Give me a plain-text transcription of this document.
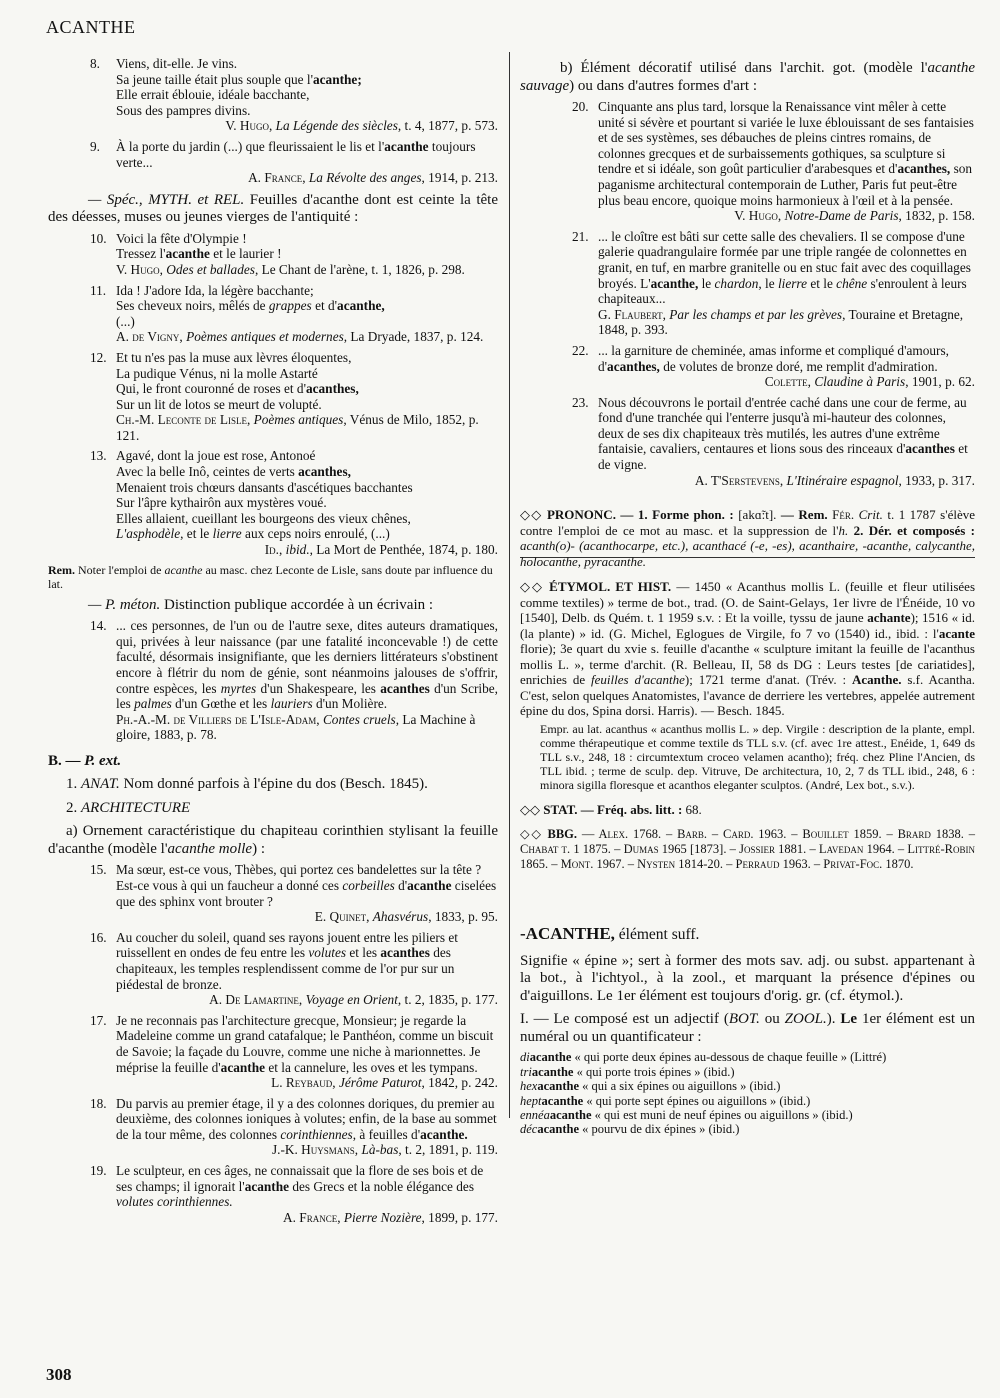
ACANTHE
8. Viens, dit-elle. Je vins.
Sa jeune taille était plus souple que l'acanthe;
Elle errait éblouie, idéale bacchante,
Sous des pampres divins.
V. Hugo, La Légende des siècles, t. 4, 1877, p. 573.
9. À la porte du jardin (...) que fleurissaient le lis et l'acanthe toujours verte...
A. France, La Révolte des anges, 1914, p. 213.
— Spéc., MYTH. et REL. Feuilles d'acanthe dont est ceinte la tête des déesses, muses ou jeunes vierges de l'antiquité :
10. Voici la fête d'Olympie !
Tressez l'acanthe et le laurier !
V. Hugo, Odes et ballades, Le Chant de l'arène, t. 1, 1826, p. 298.
11. Ida ! J'adore Ida, la légère bacchante;
Ses cheveux noirs, mêlés de grappes et d'acanthe,
(...)
A. de Vigny, Poèmes antiques et modernes, La Dryade, 1837, p. 124.
12. Et tu n'es pas la muse aux lèvres éloquentes,
La pudique Vénus, ni la molle Astarté
Qui, le front couronné de roses et d'acanthes,
Sur un lit de lotos se meurt de volupté.
Ch.-M. Leconte de Lisle, Poèmes antiques, Vénus de Milo, 1852, p. 121.
13. Agavé, dont la joue est rose, Antonoé
Avec la belle Inô, ceintes de verts acanthes,
Menaient trois chœurs dansants d'ascétiques bacchantes
Sur l'âpre kythairôn aux mystères voué.
Elles allaient, cueillant les bourgeons des vieux chênes,
L'asphodèle, et le lierre aux ceps noirs enroulé, (...)
Id., ibid., La Mort de Penthée, 1874, p. 180.
Rem. Noter l'emploi de acanthe au masc. chez Leconte de Lisle, sans doute par influence du lat.
— P. méton. Distinction publique accordée à un écrivain :
14. ... ces personnes, de l'un ou de l'autre sexe, dites auteurs dramatiques, qui, privées à leur naissance (par une fatalité inconcevable !) de cette faculté, désormais insignifiante, que les derniers littérateurs s'obstinent encore à flétrir du nom de génie, sont néanmoins jalouses de s'offrir, contre espèces, les myrtes d'un Shakespeare, les acanthes d'un Scribe, les palmes d'un Gœthe et les lauriers d'un Molière.
Ph.-A.-M. de Villiers de L'Isle-Adam, Contes cruels, La Machine à gloire, 1883, p. 78.
B. — P. ext.
1. ANAT. Nom donné parfois à l'épine du dos (Besch. 1845).
2. ARCHITECTURE
a) Ornement caractéristique du chapiteau corinthien stylisant la feuille d'acanthe (modèle l'acanthe molle) :
15. Ma sœur, est-ce vous, Thèbes, qui portez ces bandelettes sur la tête ? Est-ce vous à qui un faucheur a donné ces corbeilles d'acanthe ciselées que des sphinx vont brouter ?
E. Quinet, Ahasvérus, 1833, p. 95.
16. Au coucher du soleil, quand ses rayons jouent entre les piliers et ruissellent en ondes de feu entre les volutes et les acanthes des chapiteaux, les temples resplendissent comme de l'or pur sur un piédestal de bronze.
A. De Lamartine, Voyage en Orient, t. 2, 1835, p. 177.
17. Je ne reconnais pas l'architecture grecque, Monsieur; je regarde la Madeleine comme un grand catafalque; le Panthéon, comme un biscuit de Savoie; la façade du Louvre, comme une niche à marionnettes. Je méprise la feuille d'acanthe et la cannelure, les oves et les tympans.
L. Reybaud, Jérôme Paturot, 1842, p. 242.
18. Du parvis au premier étage, il y a des colonnes doriques, du premier au deuxième, des colonnes ioniques à volutes; enfin, de la base au sommet de la tour même, des colonnes corinthiennes, à feuilles d'acanthe.
J.-K. Huysmans, Là-bas, t. 2, 1891, p. 119.
19. Le sculpteur, en ces âges, ne connaissait que la flore de ses bois et de ses champs; il ignorait l'acanthe des Grecs et la noble élégance des volutes corinthiennes.
A. France, Pierre Nozière, 1899, p. 177.
b) Élément décoratif utilisé dans l'archit. got. (modèle l'acanthe sauvage) ou dans d'autres formes d'art :
20. Cinquante ans plus tard, lorsque la Renaissance vint mêler à cette unité si sévère et pourtant si variée le luxe éblouissant de ses fantaisies et de ses systèmes, ses débauches de pleins cintres romains, de colonnes grecques et de surbaissements gothiques, sa sculpture si tendre et si idéale, son goût particulier d'arabesques et d'acanthes, son paganisme architectural contemporain de Luther, Paris fut peut-être plus beau encore, quoique moins harmonieux à l'œil et à la pensée.
V. Hugo, Notre-Dame de Paris, 1832, p. 158.
21. ... le cloître est bâti sur cette salle des chevaliers. Il se compose d'une galerie quadrangulaire formée par une triple rangée de colonnettes en granit, en tuf, en marbre granitelle ou en stuc fait avec des coquillages broyés. L'acanthe, le chardon, le lierre et le chêne s'enroulent à leurs chapiteaux...
G. Flaubert, Par les champs et par les grèves, Touraine et Bretagne, 1848, p. 393.
22. ... la garniture de cheminée, amas informe et compliqué d'amours, d'acanthes, de volutes de bronze doré, me remplit d'admiration.
Colette, Claudine à Paris, 1901, p. 62.
23. Nous découvrons le portail d'entrée caché dans une cour de ferme, au fond d'une tranchée qui l'enterre jusqu'à mi-hauteur des colonnes, deux de ses dix chapiteaux très mutilés, les autres d'une extrême fantaisie, cavaliers, centaures et lions sous des rinceaux d'acanthes et de vigne.
A. T'Serstevens, L'Itinéraire espagnol, 1933, p. 317.
◇◇ PRONONC. — 1. Forme phon. : [akɑ̃:t]. — Rem. Fér. Crit. t. 1 1787 s'élève contre l'emploi de ce mot au masc. et la suppression de l'h. 2. Dér. et composés : acanth(o)- (acanthocarpe, etc.), acanthacé (-e, -es), acanthaire, -acanthe, calycanthe, holocanthe, pyracanthe.
◇◇ ÉTYMOL. ET HIST. — 1450 « Acanthus mollis L. (feuille et fleur utilisées comme textiles) » terme de bot., trad. (O. de Saint-Gelays, 1er livre de l'Énéide, 10 vo [1540], Delb. ds Quém. t. 1 1959 s.v. : Et la voille, tyssu de jaune achante); 1516 « id. (la plante) » id. (G. Michel, Eglogues de Virgile, fo 7 vo (1540) id., ibid. : l'acante florie); 3e quart du xvie s. feuille d'acanthe « sculpture imitant la feuille de l'acanthus mollis L. », terme d'archit. (R. Belleau, II, 58 ds DG : Leurs testes [de cariatides], enrichies de feuilles d'acanthe); 1721 terme d'anat. (Trév. : Acanthe. s.f. Acantha. C'est, selon quelques Anatomistes, l'avance de derriere les vertebres, appelée autrement épine du dos, Spina dorsi. Harris). — Besch. 1845.
Empr. au lat. acanthus « acanthus mollis L. » dep. Virgile : description de la plante, empl. comme thérapeutique et comme textile ds TLL s.v. (cf. avec 1re attest., Enéide, 1, 649 ds TLL s.v., 248, 18 : circumtextum croceo velamen acantho); fréq. chez Pline l'Ancien, ds TLL ibid. ; terme de sculp. dep. Vitruve, De architectura, 10, 2, 7 ds TLL ibid., 248, 6 : minora sigilla floresque et acanthos eleganter sculptos. (André, Lex bot., s.v.).
◇◇ STAT. — Fréq. abs. litt. : 68.
◇◇ BBG. — Alex. 1768. – Barb. – Card. 1963. – Bouillet 1859. – Brard 1838. – Chabat t. 1 1875. – Dumas 1965 [1873]. – Jossier 1881. – Lavedan 1964. – Littré-Robin 1865. – Mont. 1967. – Nysten 1814-20. – Perraud 1963. – Privat-Foc. 1870.
-ACANTHE, élément suff.
Signifie « épine »; sert à former des mots sav. adj. ou subst. appartenant à la bot., à l'ichtyol., à la zool., et marquant la présence d'épines ou d'aiguillons. Le 1er élément est toujours d'orig. gr. (cf. étymol.).
I. — Le composé est un adjectif (BOT. ou ZOOL.). Le 1er élément est un numéral ou un quantificateur :
diacanthe « qui porte deux épines au-dessous de chaque feuille » (Littré)
triacanthe « qui porte trois épines » (ibid.)
hexacanthe « qui a six épines ou aiguillons » (ibid.)
heptacanthe « qui porte sept épines ou aiguillons » (ibid.)
ennéaacanthe « qui est muni de neuf épines ou aiguillons » (ibid.)
décacanthe « pourvu de dix épines » (ibid.)
308
